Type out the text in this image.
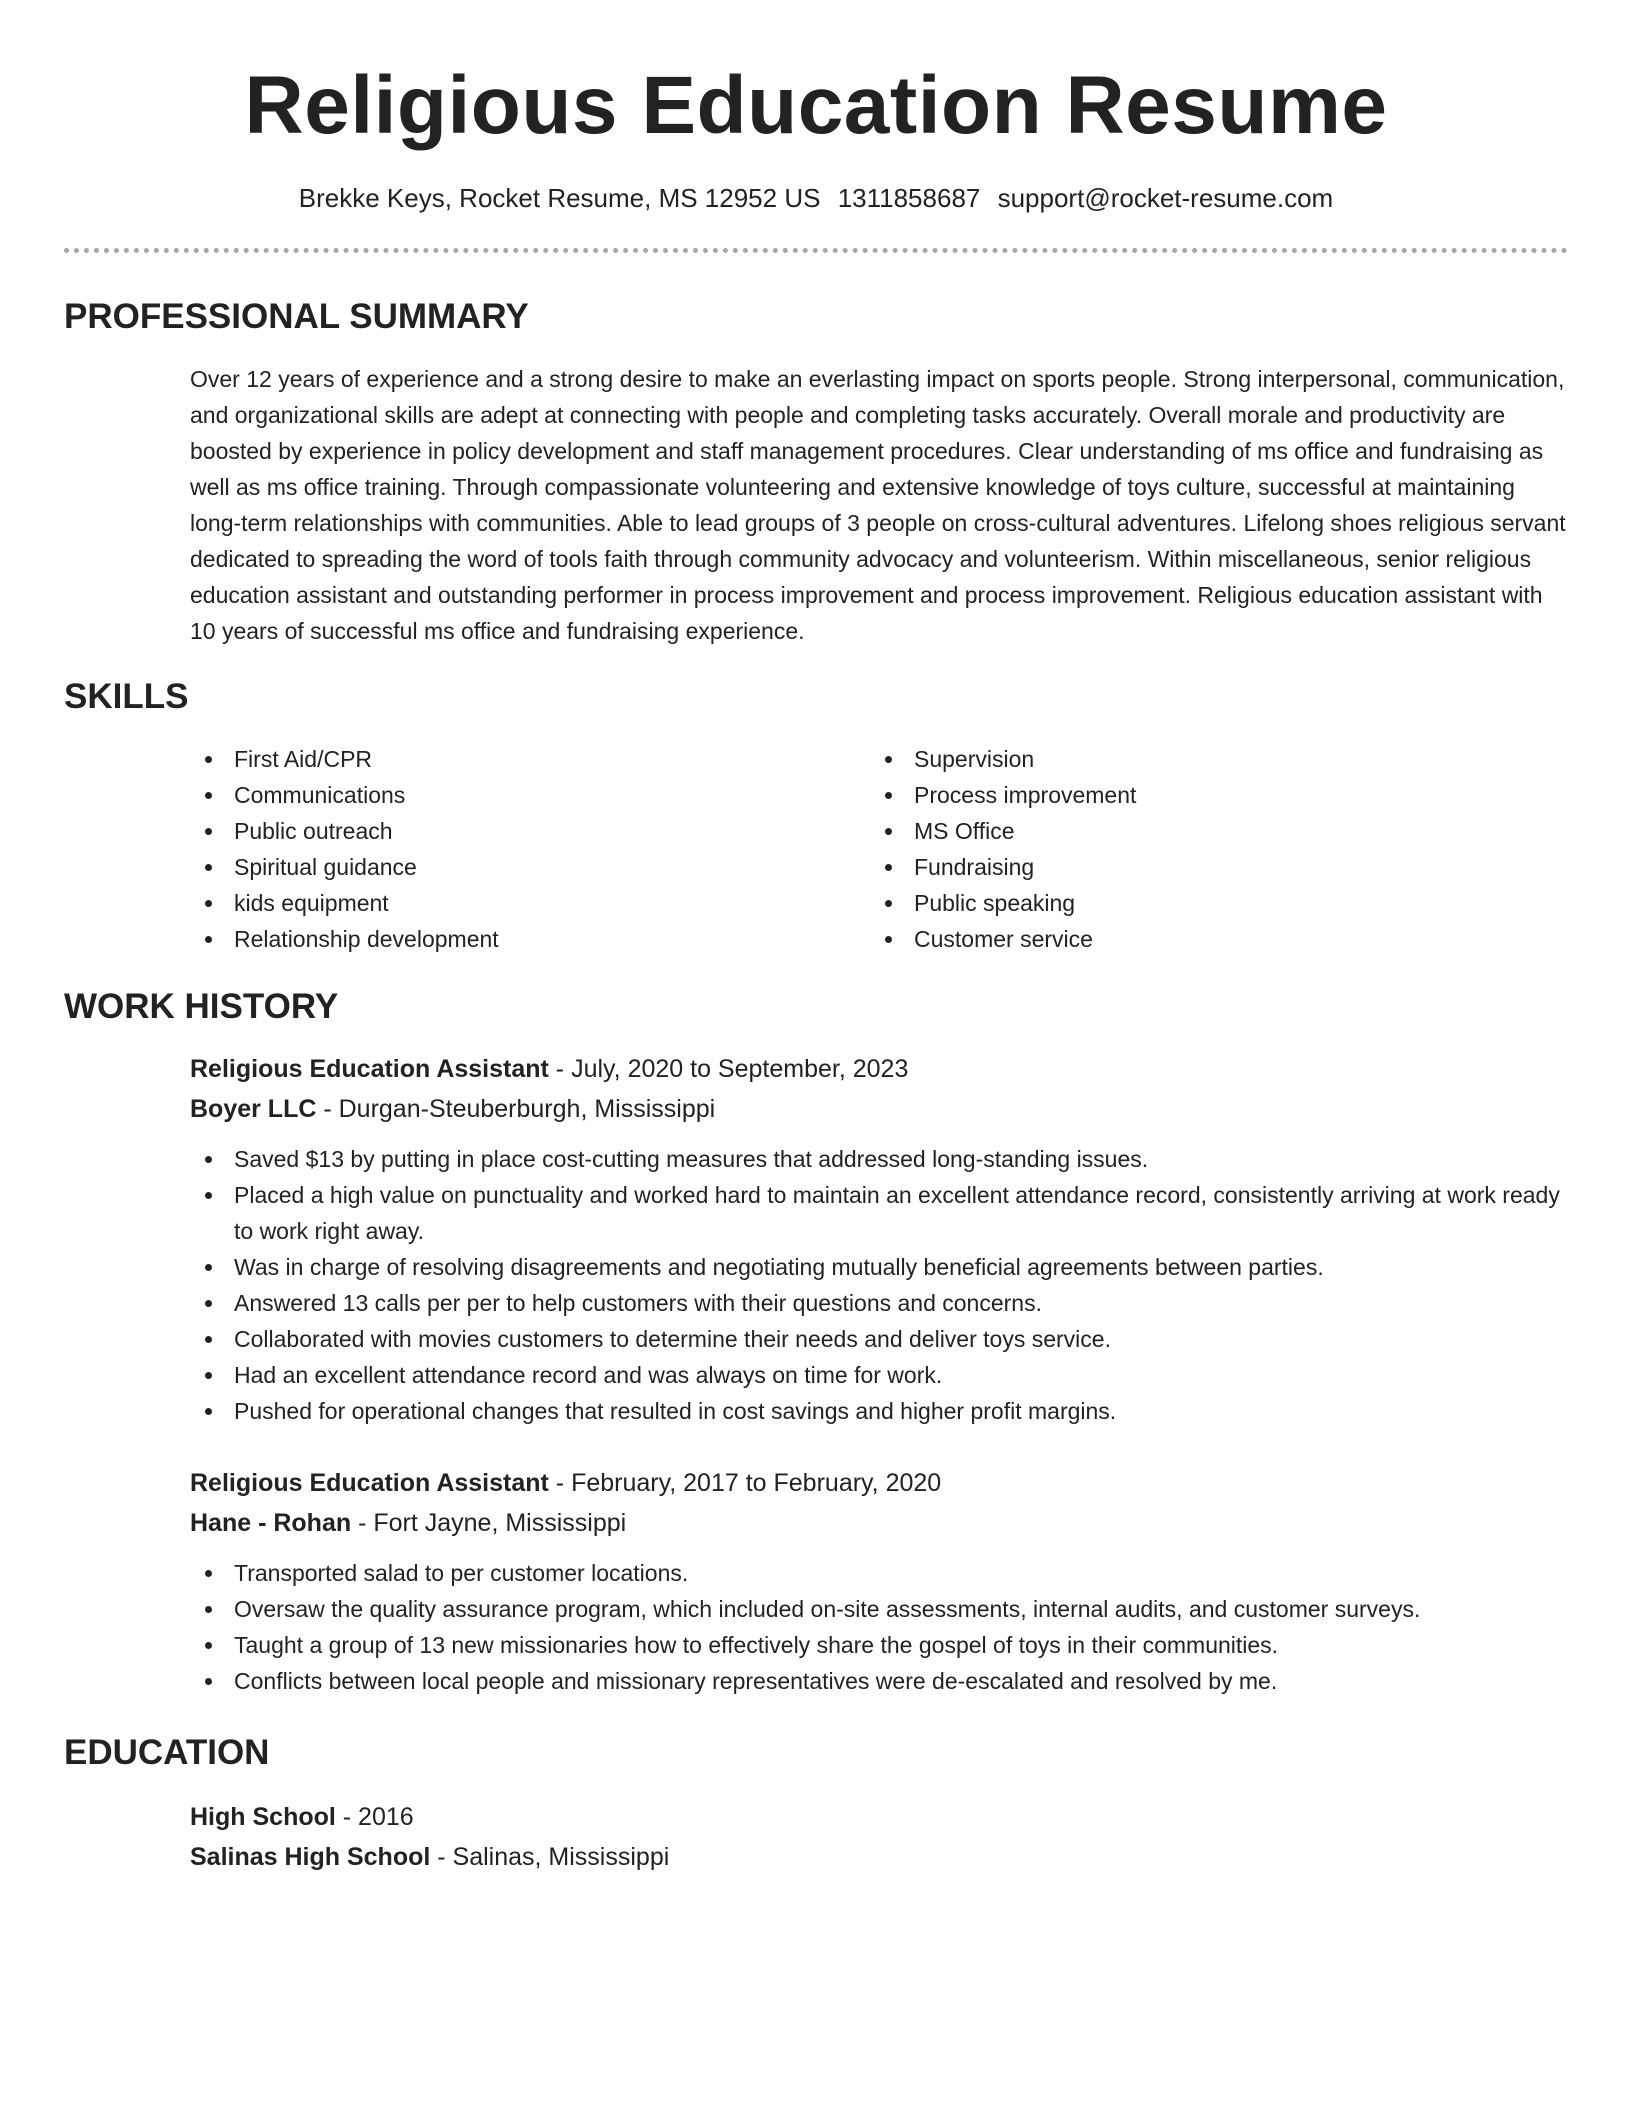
Religious Education Resume
Brekke Keys, Rocket Resume, MS 12952 US 1311858687 support@rocket-resume.com
PROFESSIONAL SUMMARY

Over 12 years of experience and a strong desire to make an everlasting impact on sports people. Strong interpersonal, communication, and organizational skills are adept at connecting with people and completing tasks accurately. Overall morale and productivity are boosted by experience in policy development and staff management procedures. Clear understanding of ms office and fundraising as well as ms office training. Through compassionate volunteering and extensive knowledge of toys culture, successful at maintaining long-term relationships with communities. Able to lead groups of 3 people on cross-cultural adventures. Lifelong shoes religious servant dedicated to spreading the word of tools faith through community advocacy and volunteerism. Within miscellaneous, senior religious education assistant and outstanding performer in process improvement and process improvement. Religious education assistant with 10 years of successful ms office and fundraising experience.

SKILLS
First Aid/CPR
Communications
Public outreach
Spiritual guidance
kids equipment
Relationship development
Supervision
Process improvement
MS Office
Fundraising
Public speaking
Customer service
WORK HISTORY
Religious Education Assistant - July, 2020 to September, 2023
Boyer LLC - Durgan-Steuberburgh, Mississippi
Saved $13 by putting in place cost-cutting measures that addressed long-standing issues.
Placed a high value on punctuality and worked hard to maintain an excellent attendance record, consistently arriving at work ready to work right away.
Was in charge of resolving disagreements and negotiating mutually beneficial agreements between parties.
Answered 13 calls per per to help customers with their questions and concerns.
Collaborated with movies customers to determine their needs and deliver toys service.
Had an excellent attendance record and was always on time for work.
Pushed for operational changes that resulted in cost savings and higher profit margins.
Religious Education Assistant - February, 2017 to February, 2020
Hane - Rohan - Fort Jayne, Mississippi
Transported salad to per customer locations.
Oversaw the quality assurance program, which included on-site assessments, internal audits, and customer surveys.
Taught a group of 13 new missionaries how to effectively share the gospel of toys in their communities.
Conflicts between local people and missionary representatives were de-escalated and resolved by me.
EDUCATION
High School - 2016
Salinas High School - Salinas, Mississippi
